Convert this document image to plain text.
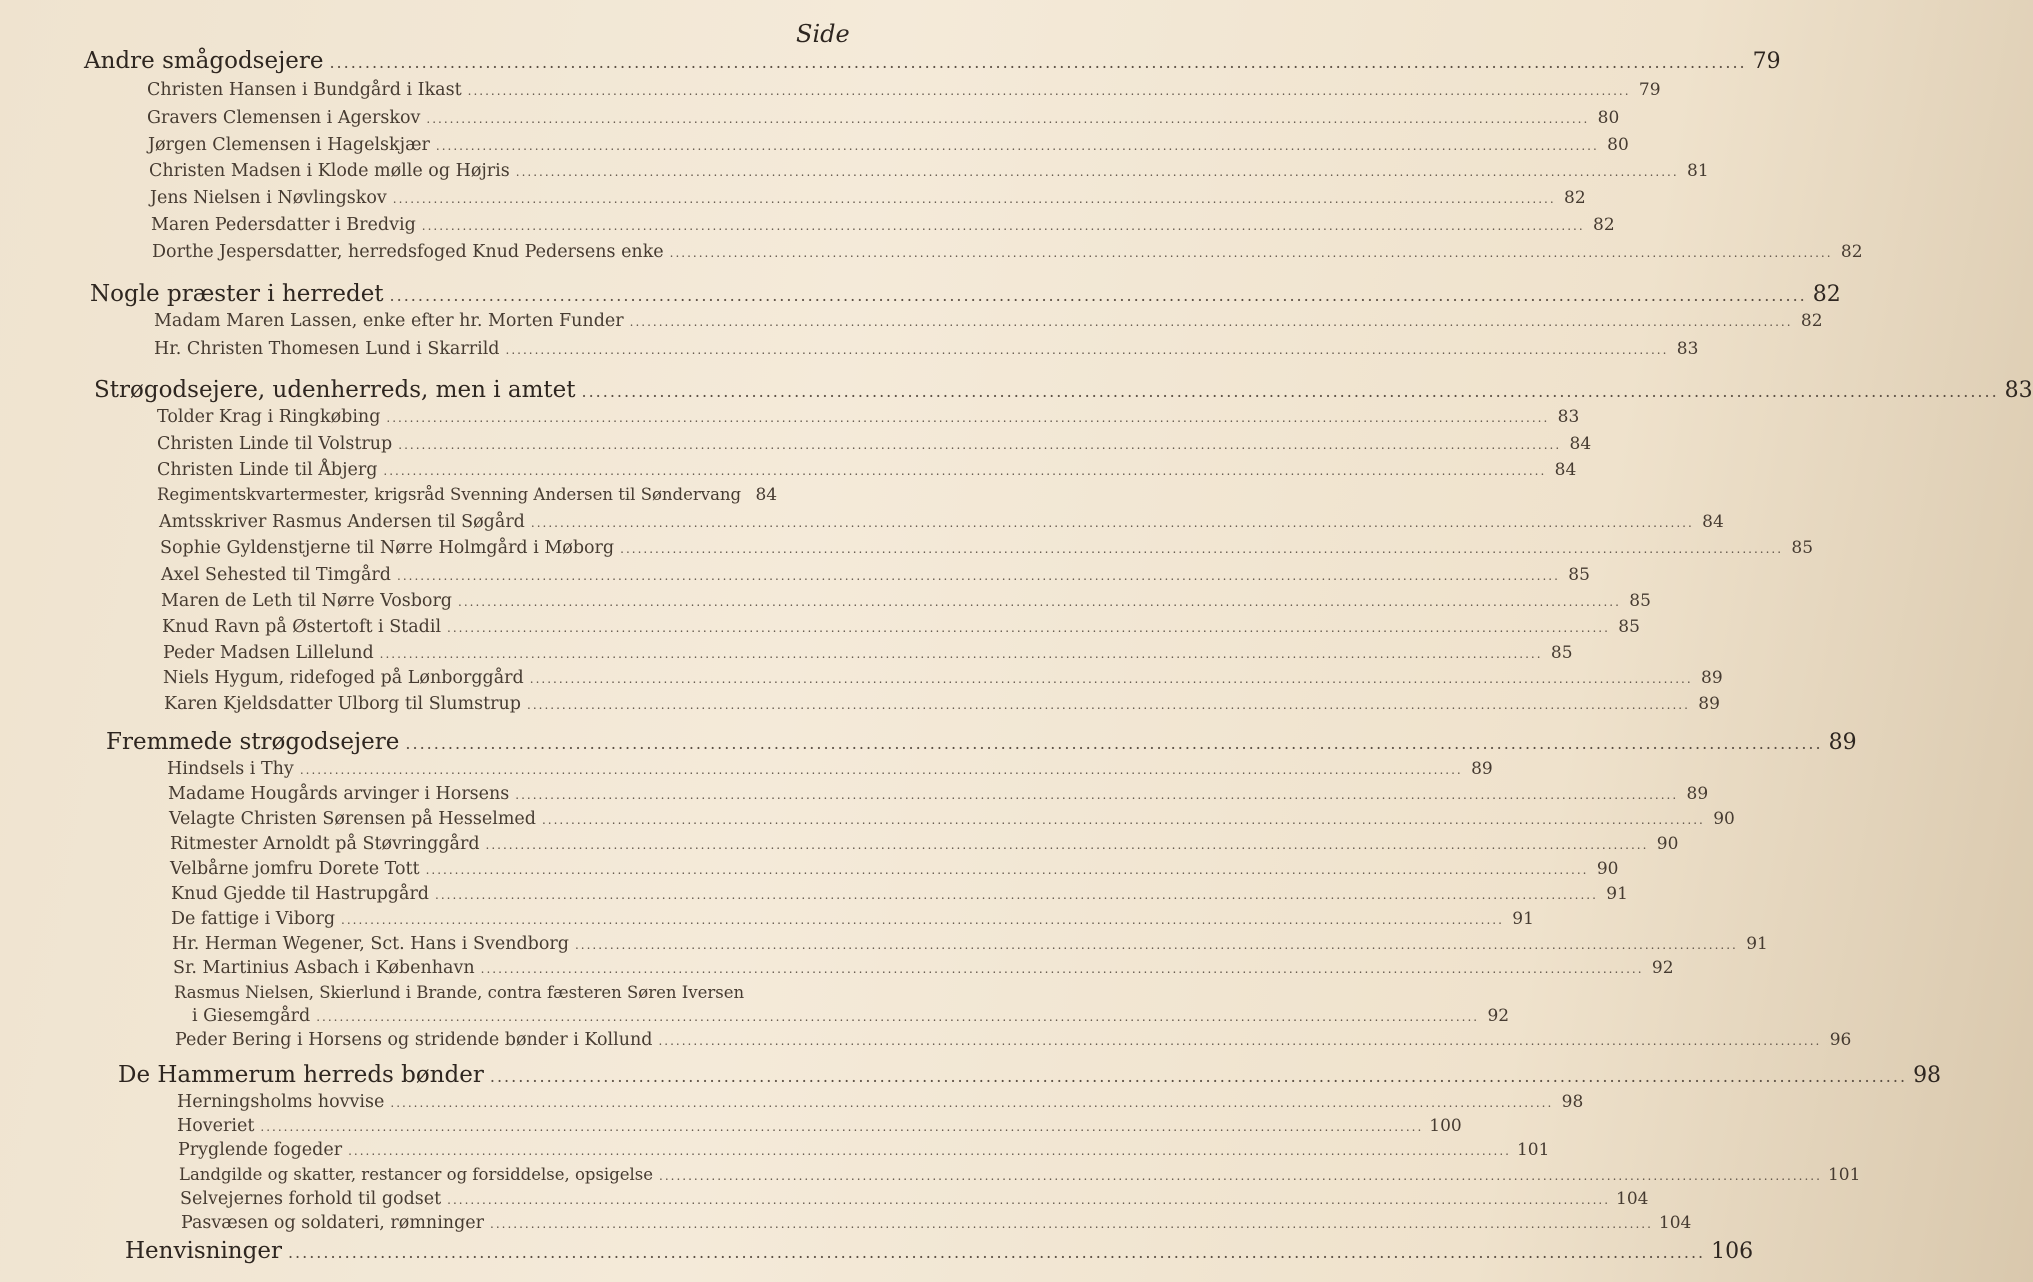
Side
Andre smågodsejere ........................................................................................................................................................................................................ 79
Christen Hansen i Bundgård i Ikast ........................................................................................................................................................................................................ 79
Gravers Clemensen i Agerskov ........................................................................................................................................................................................................ 80
Jørgen Clemensen i Hagelskjær ........................................................................................................................................................................................................ 80
Christen Madsen i Klode mølle og Højris ........................................................................................................................................................................................................ 81
Jens Nielsen i Nøvlingskov ........................................................................................................................................................................................................ 82
Maren Pedersdatter i Bredvig ........................................................................................................................................................................................................ 82
Dorthe Jespersdatter, herredsfoged Knud Pedersens enke ........................................................................................................................................................................................................ 82
Nogle præster i herredet ........................................................................................................................................................................................................ 82
Madam Maren Lassen, enke efter hr. Morten Funder ........................................................................................................................................................................................................ 82
Hr. Christen Thomesen Lund i Skarrild ........................................................................................................................................................................................................ 83
Strøgodsejere, udenherreds, men i amtet ........................................................................................................................................................................................................ 83
Tolder Krag i Ringkøbing ........................................................................................................................................................................................................ 83
Christen Linde til Volstrup ........................................................................................................................................................................................................ 84
Christen Linde til Åbjerg ........................................................................................................................................................................................................ 84
Regimentskvartermester, krigsråd Svenning Andersen til Søndervang 84
Amtsskriver Rasmus Andersen til Søgård ........................................................................................................................................................................................................ 84
Sophie Gyldenstjerne til Nørre Holmgård i Møborg ........................................................................................................................................................................................................ 85
Axel Sehested til Timgård ........................................................................................................................................................................................................ 85
Maren de Leth til Nørre Vosborg ........................................................................................................................................................................................................ 85
Knud Ravn på Østertoft i Stadil ........................................................................................................................................................................................................ 85
Peder Madsen Lillelund ........................................................................................................................................................................................................ 85
Niels Hygum, ridefoged på Lønborggård ........................................................................................................................................................................................................ 89
Karen Kjeldsdatter Ulborg til Slumstrup ........................................................................................................................................................................................................ 89
Fremmede strøgodsejere ........................................................................................................................................................................................................ 89
Hindsels i Thy ........................................................................................................................................................................................................ 89
Madame Hougårds arvinger i Horsens ........................................................................................................................................................................................................ 89
Velagte Christen Sørensen på Hesselmed ........................................................................................................................................................................................................ 90
Ritmester Arnoldt på Støvringgård ........................................................................................................................................................................................................ 90
Velbårne jomfru Dorete Tott ........................................................................................................................................................................................................ 90
Knud Gjedde til Hastrupgård ........................................................................................................................................................................................................ 91
De fattige i Viborg ........................................................................................................................................................................................................ 91
Hr. Herman Wegener, Sct. Hans i Svendborg ........................................................................................................................................................................................................ 91
Sr. Martinius Asbach i København ........................................................................................................................................................................................................ 92
Rasmus Nielsen, Skierlund i Brande, contra fæsteren Søren Iversen
i Giesemgård ........................................................................................................................................................................................................ 92
Peder Bering i Horsens og stridende bønder i Kollund ........................................................................................................................................................................................................ 96
De Hammerum herreds bønder ........................................................................................................................................................................................................ 98
Herningsholms hovvise ........................................................................................................................................................................................................ 98
Hoveriet ........................................................................................................................................................................................................ 100
Pryglende fogeder ........................................................................................................................................................................................................ 101
Landgilde og skatter, restancer og forsiddelse, opsigelse ........................................................................................................................................................................................................ 101
Selvejernes forhold til godset ........................................................................................................................................................................................................ 104
Pasvæsen og soldateri, rømninger ........................................................................................................................................................................................................ 104
Henvisninger ........................................................................................................................................................................................................ 106
